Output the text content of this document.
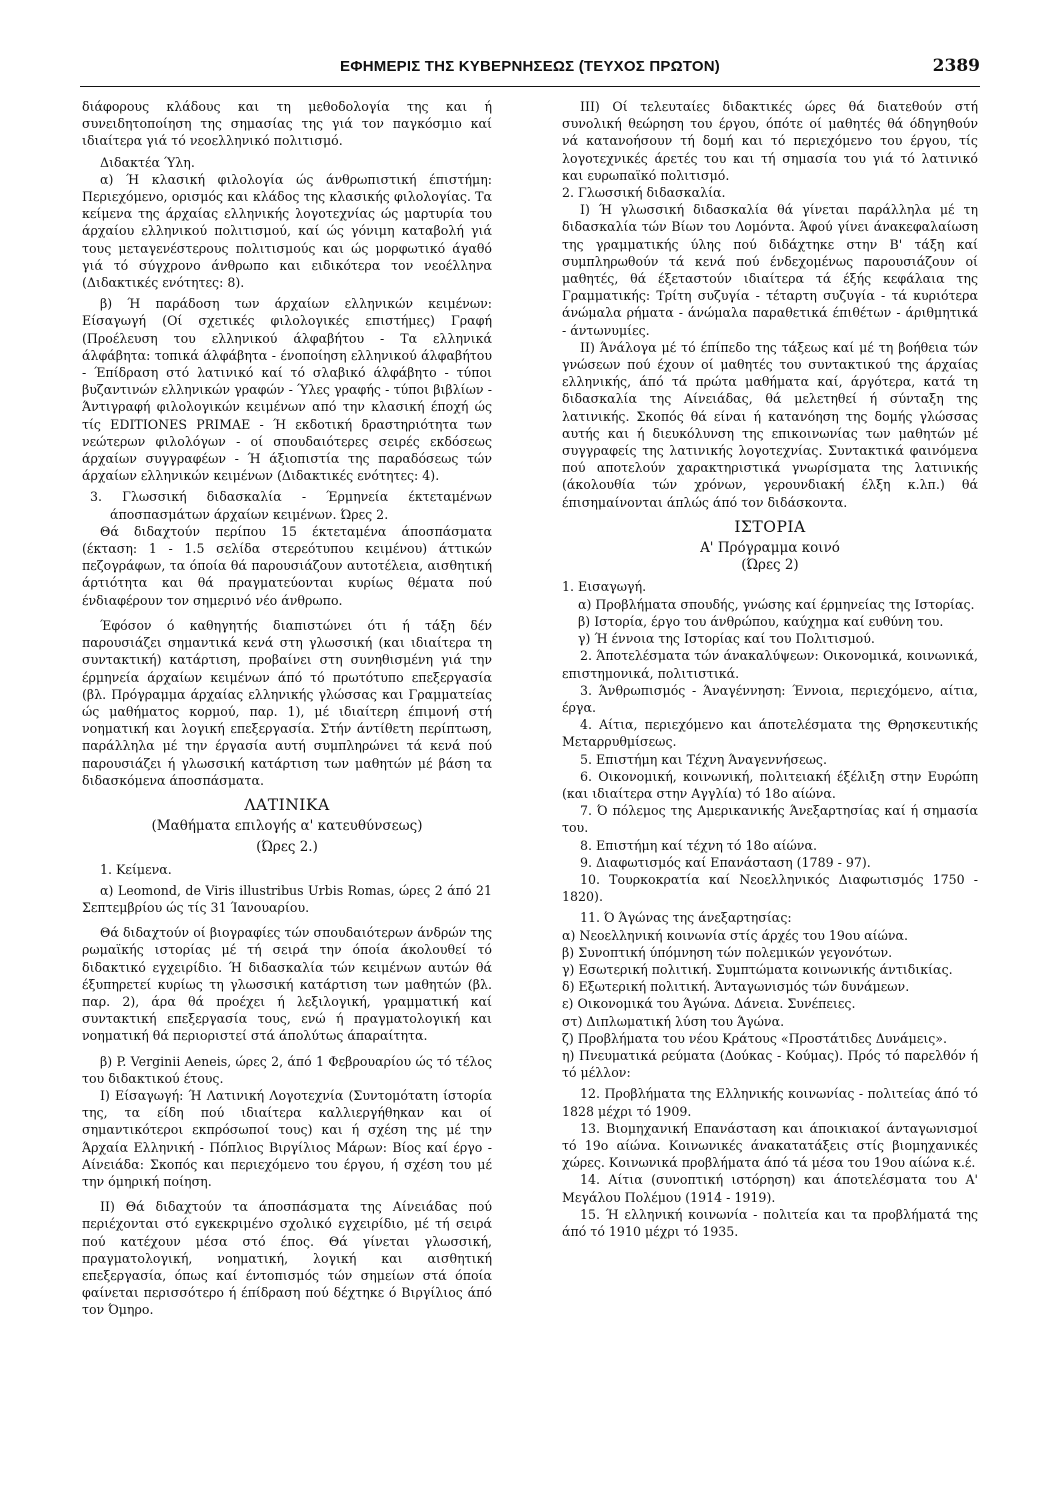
ΕΦΗΜΕΡΙΣ ΤΗΣ ΚΥΒΕΡΝΗΣΕΩΣ (ΤΕΥΧΟΣ ΠΡΩΤΟΝ)	2389

διάφορους κλάδους και τη μεθοδολογία της και ή συνειδητοποίηση της σημασίας της γιά τον παγκόσμιο καί ιδιαίτερα γιά τό νεοελληνικό πολιτισμό.

Διδακτέα Ύλη.

α) Ή κλασική φιλολογία ώς άνθρωπιστική έπιστήμη: Περιεχόμενο, ορισμός και κλάδος της κλασικής φιλολογίας. Τα κείμενα της άρχαίας ελληνικής λογοτεχνίας ώς μαρτυρία του άρχαίου ελληνικού πολιτισμού, καί ώς γόνιμη καταβολή γιά τους μεταγενέστερους πολιτισμούς και ώς μορφωτικό άγαθό γιά τό σύγχρονο άνθρωπο και ειδικότερα τον νεοέλληνα (Διδακτικές ενότητες: 8).

β) Ή παράδοση των άρχαίων ελληνικών κειμένων: Είσαγωγή (Οί σχετικές φιλολογικές επιστήμες) Γραφή (Προέλευση του ελληνικού άλφαβήτου - Τα ελληνικά άλφάβητα: τοπικά άλφάβητα - ένοποίηση ελληνικού άλφαβήτου - Έπίδραση στό λατινικό καί τό σλαβικό άλφάβητο - τύποι βυζαντινών ελληνικών γραφών - Ύλες γραφής - τύποι βιβλίων - Άντιγραφή φιλολογικών κειμένων από την κλασική έποχή ώς τίς EDITIONES PRIMAE - Ή εκδοτική δραστηριότητα των νεώτερων φιλολόγων - οί σπουδαιότερες σειρές εκδόσεως άρχαίων συγγραφέων - Ή άξιοπιστία της παραδόσεως τών άρχαίων ελληνικών κειμένων (Διδακτικές ενότητες: 4).

3. Γλωσσική διδασκαλία - Έρμηνεία έκτεταμένων άποσπασμάτων άρχαίων κειμένων. Ώρες 2.

Θά διδαχτούν περίπου 15 έκτεταμένα άποσπάσματα (έκταση: 1 - 1.5 σελίδα στερεότυπου κειμένου) άττικών πεζογράφων, τα όποία θά παρουσιάζουν αυτοτέλεια, αισθητική άρτιότητα και θά πραγματεύονται κυρίως θέματα πού ένδιαφέρουν τον σημερινό νέο άνθρωπο.

Έφόσον ό καθηγητής διαπιστώνει ότι ή τάξη δέν παρουσιάζει σημαντικά κενά στη γλωσσική (και ιδιαίτερα τη συντακτική) κατάρτιση, προβαίνει στη συνηθισμένη γιά την έρμηνεία άρχαίων κειμένων άπό τό πρωτότυπο επεξεργασία (βλ. Πρόγραμμα άρχαίας ελληνικής γλώσσας και Γραμματείας ώς μαθήματος κορμού, παρ. 1), μέ ιδιαίτερη έπιμονή στή νοηματική και λογική επεξεργασία. Στήν άντίθετη περίπτωση, παράλληλα μέ την έργασία αυτή συμπληρώνει τά κενά πού παρουσιάζει ή γλωσσική κατάρτιση των μαθητών μέ βάση τα διδασκόμενα άποσπάσματα.

ΛΑΤΙΝΙΚΑ

(Μαθήματα επιλογής α' κατευθύνσεως)

(Ώρες 2.)

1. Κείμενα.

α) Leomond, de Viris illustribus Urbis Romas, ώρες 2 άπό 21 Σεπτεμβρίου ώς τίς 31 Ίανουαρίου.

Θά διδαχτούν οί βιογραφίες τών σπουδαιότερων άνδρών της ρωμαϊκής ιστορίας μέ τή σειρά την όποία άκολουθεί τό διδακτικό εγχειρίδιο. Ή διδασκαλία τών κειμένων αυτών θά έξυπηρετεί κυρίως τη γλωσσική κατάρτιση των μαθητών (βλ. παρ. 2), άρα θά προέχει ή λεξιλογική, γραμματική καί συντακτική επεξεργασία τους, ενώ ή πραγματολογική και νοηματική θά περιοριστεί στά άπολύτως άπαραίτητα.

β) P. Verginii Aeneis, ώρες 2, άπό 1 Φεβρουαρίου ώς τό τέλος του διδακτικού έτους.

Ι) Είσαγωγή: Ή Λατινική Λογοτεχνία (Συντομότατη ίστορία της, τα είδη πού ιδιαίτερα καλλιεργήθηκαν και οί σημαντικότεροι εκπρόσωποί τους) και ή σχέση της μέ την Άρχαία Ελληνική - Πόπλιος Βιργίλιος Μάρων: Βίος καί έργο - Αίνειάδα: Σκοπός και περιεχόμενο του έργου, ή σχέση του μέ την όμηρική ποίηση.

ΙΙ) Θά διδαχτούν τα άποσπάσματα της Αίνειάδας πού περιέχονται στό εγκεκριμένο σχολικό εγχειρίδιο, μέ τή σειρά πού κατέχουν μέσα στό έπος. Θά γίνεται γλωσσική, πραγματολογική, νοηματική, λογική και αισθητική επεξεργασία, όπως καί έντοπισμός τών σημείων στά όποία φαίνεται περισσότερο ή έπίδραση πού δέχτηκε ό Βιργίλιος άπό τον Όμηρο.

ΙΙΙ) Οί τελευταίες διδακτικές ώρες θά διατεθούν στή συνολική θεώρηση του έργου, όπότε οί μαθητές θά όδηγηθούν νά κατανοήσουν τή δομή και τό περιεχόμενο του έργου, τίς λογοτεχνικές άρετές του και τή σημασία του γιά τό λατινικό και ευρωπαϊκό πολιτισμό.

2. Γλωσσική διδασκαλία.

Ι) Ή γλωσσική διδασκαλία θά γίνεται παράλληλα μέ τη διδασκαλία τών Βίων του Λομόντα. Άφού γίνει άνακεφαλαίωση της γραμματικής ύλης πού διδάχτηκε στην Β' τάξη καί συμπληρωθούν τά κενά πού ένδεχομένως παρουσιάζουν οί μαθητές, θά έξεταστούν ιδιαίτερα τά έξής κεφάλαια της Γραμματικής: Τρίτη συζυγία - τέταρτη συζυγία - τά κυριότερα άνώμαλα ρήματα - άνώμαλα παραθετικά έπιθέτων - άριθμητικά - άντωνυμίες.

ΙΙ) Άνάλογα μέ τό έπίπεδο της τάξεως καί μέ τη βοήθεια τών γνώσεων πού έχουν οί μαθητές του συντακτικού της άρχαίας ελληνικής, άπό τά πρώτα μαθήματα καί, άργότερα, κατά τη διδασκαλία της Αίνειάδας, θά μελετηθεί ή σύνταξη της λατινικής. Σκοπός θά είναι ή κατανόηση της δομής γλώσσας αυτής και ή διευκόλυνση της επικοινωνίας των μαθητών μέ συγγραφείς της λατινικής λογοτεχνίας. Συντακτικά φαινόμενα πού αποτελούν χαρακτηριστικά γνωρίσματα της λατινικής (άκολουθία τών χρόνων, γερουνδιακή έλξη κ.λπ.) θά έπισημαίνονται άπλώς άπό τον διδάσκοντα.

ΙΣΤΟΡΙΑ

Α' Πρόγραμμα κοινό

(Ώρες 2)

1. Εισαγωγή.

α) Προβλήματα σπουδής, γνώσης καί έρμηνείας της Ιστορίας.

β) Ιστορία, έργο του άνθρώπου, καύχημα καί ευθύνη του.

γ) Ή έννοια της Ιστορίας καί του Πολιτισμού.

2. Άποτελέσματα τών άνακαλύψεων: Οικονομικά, κοινωνικά, επιστημονικά, πολιτιστικά.

3. Άνθρωπισμός - Άναγέννηση: Έννοια, περιεχόμενο, αίτια, έργα.

4. Αίτια, περιεχόμενο και άποτελέσματα της Θρησκευτικής Μεταρρυθμίσεως.

5. Επιστήμη και Τέχνη Άναγεννήσεως.

6. Οικονομική, κοινωνική, πολιτειακή έξέλιξη στην Ευρώπη (και ιδιαίτερα στην Αγγλία) τό 18ο αίώνα.

7. Ό πόλεμος της Αμερικανικής Άνεξαρτησίας καί ή σημασία του.

8. Επιστήμη καί τέχνη τό 18ο αίώνα.

9. Διαφωτισμός καί Επανάσταση (1789 - 97).

10. Τουρκοκρατία καί Νεοελληνικός Διαφωτισμός 1750 - 1820).

11. Ό Άγώνας της άνεξαρτησίας:

α) Νεοελληνική κοινωνία στίς άρχές του 19ου αίώνα.

β) Συνοπτική ύπόμνηση τών πολεμικών γεγονότων.

γ) Εσωτερική πολιτική. Συμπτώματα κοινωνικής άντιδικίας.

δ) Εξωτερική πολιτική. Άνταγωνισμός τών δυνάμεων.

ε) Οικονομικά του Άγώνα. Δάνεια. Συνέπειες.

στ) Διπλωματική λύση του Άγώνα.

ζ) Προβλήματα του νέου Κράτους «Προστάτιδες Δυνάμεις».

η) Πνευματικά ρεύματα (Δούκας - Κούμας). Πρός τό παρελθόν ή τό μέλλον:

12. Προβλήματα της Ελληνικής κοινωνίας - πολιτείας άπό τό 1828 μέχρι τό 1909.

13. Βιομηχανική Επανάσταση και άποικιακοί άνταγωνισμοί τό 19ο αίώνα. Κοινωνικές άνακατατάξεις στίς βιομηχανικές χώρες. Κοινωνικά προβλήματα άπό τά μέσα του 19ου αίώνα κ.έ.

14. Αίτια (συνοπτική ιστόρηση) και άποτελέσματα του Α' Μεγάλου Πολέμου (1914 - 1919).

15. Ή ελληνική κοινωνία - πολιτεία και τα προβλήματά της άπό τό 1910 μέχρι τό 1935.
